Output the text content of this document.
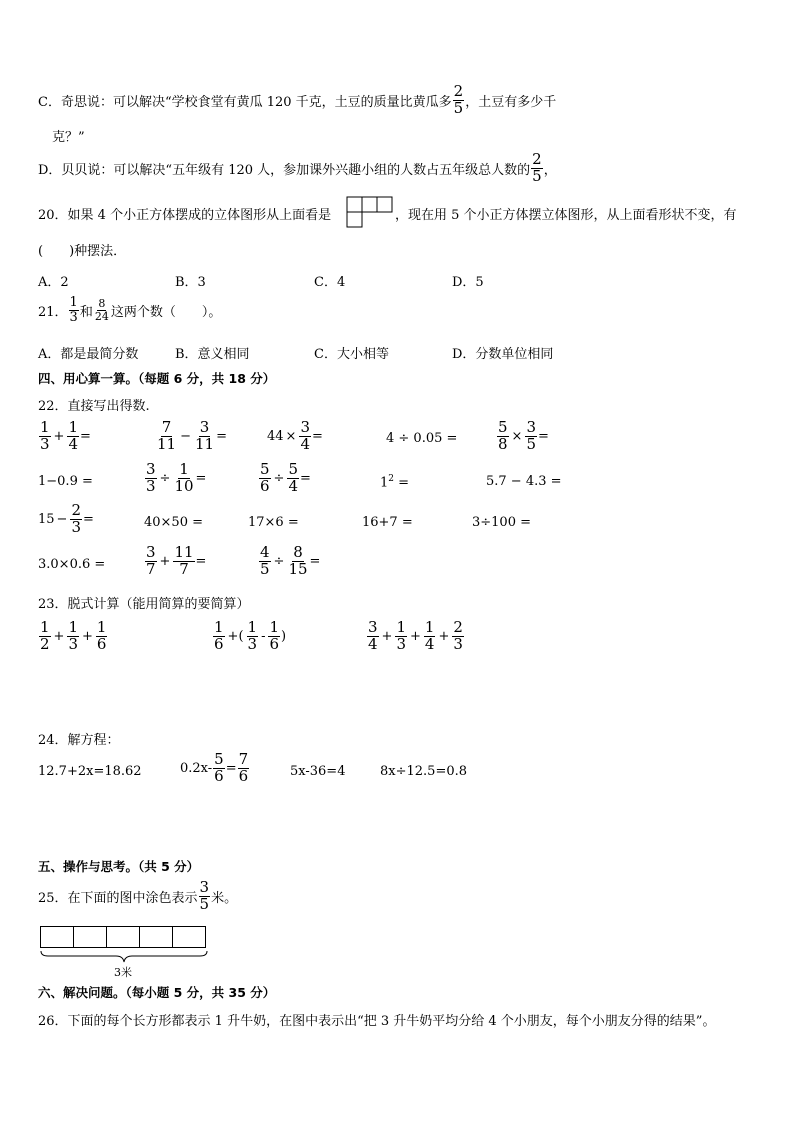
C．奇思说：可以解决“学校食堂有黄瓜 120 千克，土豆的质量比黄瓜多 $\frac{2}{5}$ ，土豆有多少千
克？”
D．贝贝说：可以解决“五年级有 120 人，参加课外兴趣小组的人数占五年级总人数的 $\frac{2}{5}$ ，
20．如果 4 个小正方体摆成的立体图形从上面看是	，现在用 5 个小正方体摆立体图形，从上面看形状不变，有
(　　)种摆法．
A．2	B．3	C．4	D．5
21． $\frac{1}{3}$ 和 $\frac{8}{24}$ 这两个数（　　）。
A．都是最简分数	B．意义相同	C．大小相等	D．分数单位相同
四、用心算一算。（每题 6 分，共 18 分）
22．直接写出得数.
$\frac{1}{3} + \frac{1}{4}$ =	$\frac{7}{11} - \frac{3}{11}$ =	$44 \times \frac{3}{4}$ =	4 ÷ 0.05 =	$\frac{5}{8} \times \frac{3}{5}$ =
1−0.9 =	$\frac{3}{3} \div \frac{1}{10}$ =	$\frac{5}{6} \div \frac{5}{4}$ =	$1^2$ =	5.7 − 4.3 =
$15 - \frac{2}{3}$ =	40×50 =	17×6 =	16+7 =	3÷100 =
3.0×0.6 =	$\frac{3}{7} + \frac{11}{7}$ =	$\frac{4}{5} \div \frac{8}{15}$ =
23．脱式计算（能用简算的要简算）
$\frac{1}{2} + \frac{1}{3} + \frac{1}{6}$	$\frac{1}{6}$ +( $\frac{1}{3} - \frac{1}{6}$ )	$\frac{3}{4} + \frac{1}{3} + \frac{1}{4} + \frac{2}{3}$
24．解方程：
12.7+2x=18.62	$0.2x- \frac{5}{6} = \frac{7}{6}$	5x-36=4	8x÷12.5=0.8
五、操作与思考。（共 5 分）
25．在下面的图中涂色表示 $\frac{3}{5}$ 米。
3米
六、解决问题。（每小题 5 分，共 35 分）
26．下面的每个长方形都表示 1 升牛奶，在图中表示出“把 3 升牛奶平均分给 4 个小朋友，每个小朋友分得的结果”。
